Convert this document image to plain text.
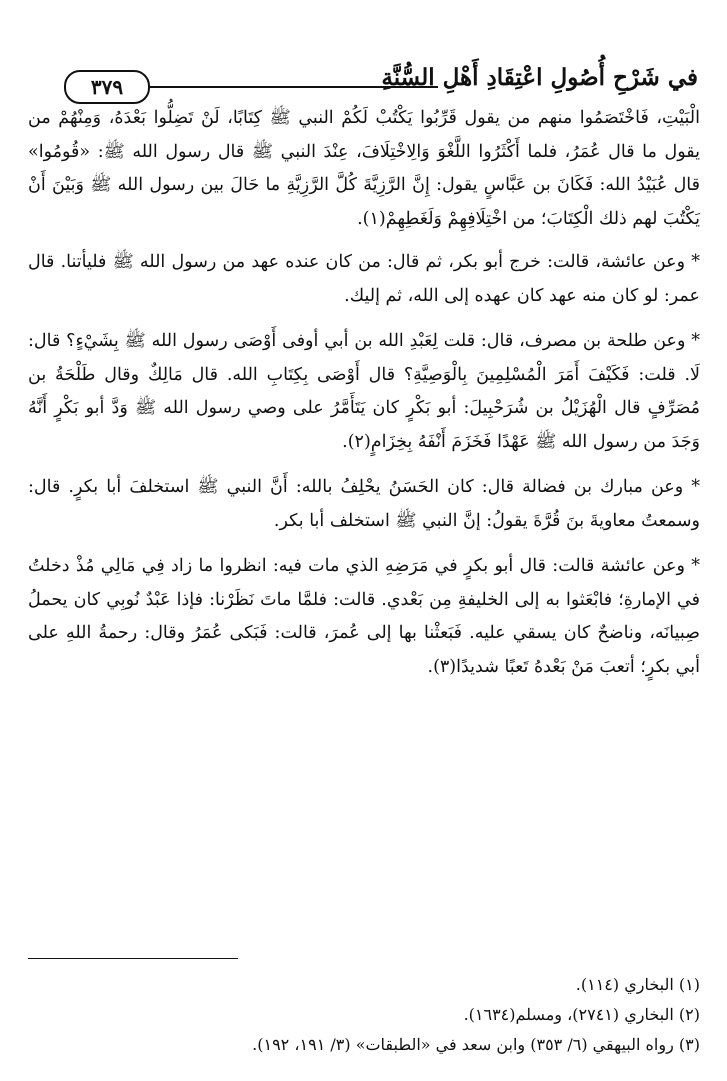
٣٧٩	في شَرْحِ أُصُولِ اعْتِقَادِ أَهْلِ السُّنَّةِ

الْبَيْتِ، فَاخْتَصَمُوا منهم من يقول قَرِّبُوا يَكْتُبْ لَكُمْ النبي ﷺ كِتَابًا، لَنْ تَضِلُّوا بَعْدَهُ، وَمِنْهُمْ من يقول ما قال عُمَرُ، فلما أَكْثَرُوا اللَّغْوَ وَالِاخْتِلَافَ، عِنْدَ النبي ﷺ قال رسول الله ﷺ: «قُومُوا» قال عُبَيْدُ الله: فَكَانَ بن عَبَّاسٍ يقول: إِنَّ الرَّزِيَّةَ كُلَّ الرَّزِيَّةِ ما حَالَ بين رسول الله ﷺ وَبَيْنَ أَنْ يَكْتُبَ لهم ذلك الْكِتَابَ؛ من اخْتِلَافِهِمْ وَلَغَطِهِمْ(١).

* وعن عائشة، قالت: خرج أبو بكر، ثم قال: من كان عنده عهد من رسول الله ﷺ فليأتنا. قال عمر: لو كان منه عهد كان عهده إلى الله، ثم إليك.

* وعن طلحة بن مصرف، قال: قلت لِعَبْدِ الله بن أبي أوفى أَوْصَى رسول الله ﷺ بِشَيْءٍ؟ قال: لَا. قلت: فَكَيْفَ أَمَرَ الْمُسْلِمِينَ بِالْوَصِيَّةِ؟ قال أَوْصَى بِكِتَابِ الله. قال مَالِكٌ وقال طَلْحَةُ بن مُصَرِّفٍ قال الْهُزَيْلُ بن شُرَحْبِيلَ: أبو بَكْرٍ كان يَتَأَمَّرُ على وصي رسول الله ﷺ وَدَّ أبو بَكْرٍ أَنَّهُ وَجَدَ من رسول الله ﷺ عَهْدًا فَخَزَمَ أَنْفَهُ بِخِزَامٍ(٢).

* وعن مبارك بن فضالة قال: كان الحَسَنُ يحْلِفُ بالله: أَنَّ النبي ﷺ استخلفَ أبا بكرٍ. قال: وسمعتُ معاويةَ بنَ قُرَّةَ يقولُ: إنَّ النبي ﷺ استخلف أبا بكر.

* وعن عائشة قالت: قال أبو بكرٍ في مَرَضِهِ الذي مات فيه: انظروا ما زاد فِي مَالِي مُذْ دخلتُ في الإمارةِ؛ فابْعَثوا به إلى الخليفةِ مِن بَعْدي. قالت: فلمَّا ماتَ نَظَرْنا: فإذا عَبْدٌ نُوبِي كان يحملُ صِبيانَه، وناضحٌ كان يسقي عليه. فَبَعثْنا بها إلى عُمرَ، قالت: فَبَكى عُمَرُ وقال: رحمةُ اللهِ على أبي بكرٍ؛ أتعبَ مَنْ بَعْدهُ تَعبًا شديدًا(٣).

(١) البخاري (١١٤).

(٢) البخاري (٢٧٤١)، ومسلم(١٦٣٤).

(٣) رواه البيهقي (٦/ ٣٥٣) وابن سعد في «الطبقات» (٣/ ١٩١، ١٩٢).
